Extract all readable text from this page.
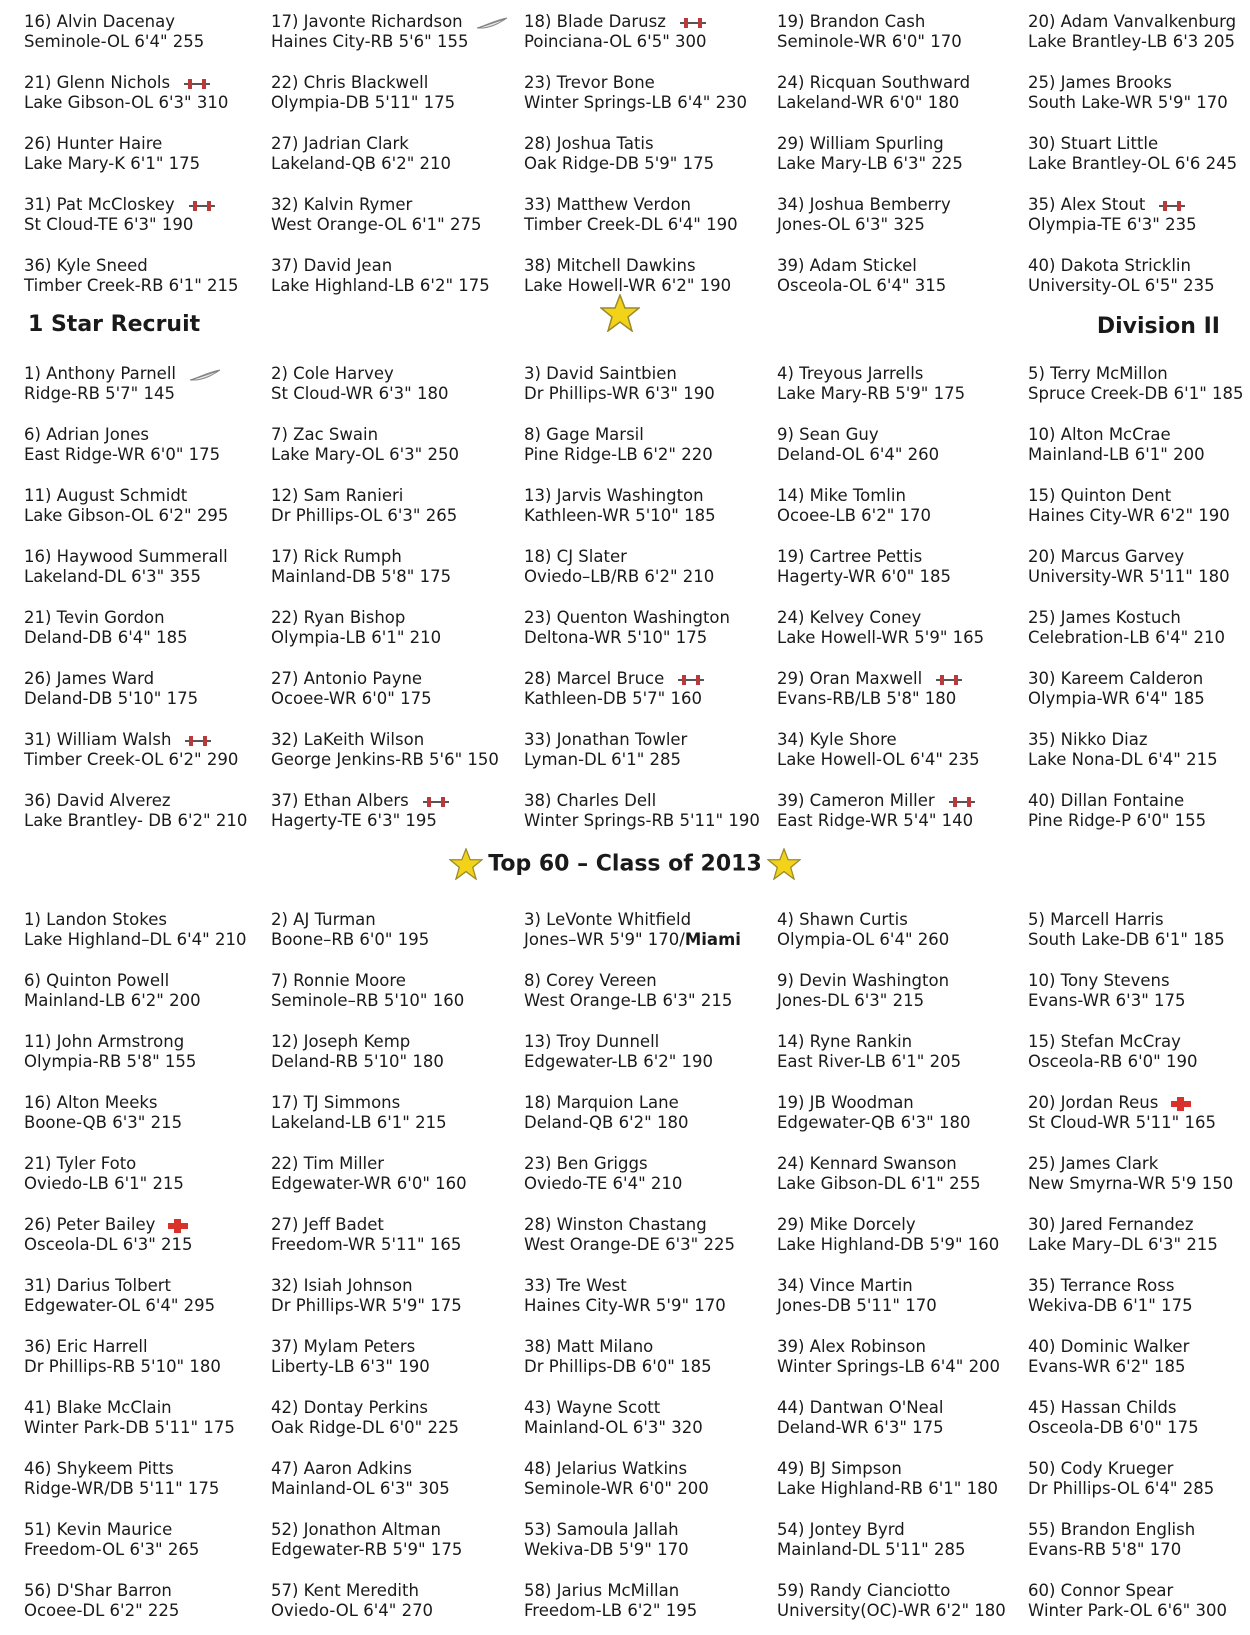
16) Alvin Dacenay
Seminole-OL 6'4" 255
17) Javonte Richardson
Haines City-RB 5'6" 155
18) Blade Darusz
Poinciana-OL 6'5" 300
19) Brandon Cash
Seminole-WR 6'0" 170
20) Adam Vanvalkenburg
Lake Brantley-LB 6'3 205
21) Glenn Nichols
Lake Gibson-OL 6'3" 310
22) Chris Blackwell
Olympia-DB 5'11" 175
23) Trevor Bone
Winter Springs-LB 6'4" 230
24) Ricquan Southward
Lakeland-WR 6'0" 180
25) James Brooks
South Lake-WR 5'9" 170
26) Hunter Haire
Lake Mary-K 6'1" 175
27) Jadrian Clark
Lakeland-QB 6'2" 210
28) Joshua Tatis
Oak Ridge-DB 5'9" 175
29) William Spurling
Lake Mary-LB 6'3" 225
30) Stuart Little
Lake Brantley-OL 6'6 245
31) Pat McCloskey
St Cloud-TE 6'3" 190
32) Kalvin Rymer
West Orange-OL 6'1" 275
33) Matthew Verdon
Timber Creek-DL 6'4" 190
34) Joshua Bemberry
Jones-OL 6'3" 325
35) Alex Stout
Olympia-TE 6'3" 235
36) Kyle Sneed
Timber Creek-RB 6'1" 215
37) David Jean
Lake Highland-LB 6'2" 175
38) Mitchell Dawkins
Lake Howell-WR 6'2" 190
39) Adam Stickel
Osceola-OL 6'4" 315
40) Dakota Stricklin
University-OL 6'5" 235
1 Star Recruit	Division II
1) Anthony Parnell
Ridge-RB 5'7" 145
2) Cole Harvey
St Cloud-WR 6'3" 180
3) David Saintbien
Dr Phillips-WR 6'3" 190
4) Treyous Jarrells
Lake Mary-RB 5'9" 175
5) Terry McMillon
Spruce Creek-DB 6'1" 185
6) Adrian Jones
East Ridge-WR 6'0" 175
7) Zac Swain
Lake Mary-OL 6'3" 250
8) Gage Marsil
Pine Ridge-LB 6'2" 220
9) Sean Guy
Deland-OL 6'4" 260
10) Alton McCrae
Mainland-LB 6'1" 200
11) August Schmidt
Lake Gibson-OL 6'2" 295
12) Sam Ranieri
Dr Phillips-OL 6'3" 265
13) Jarvis Washington
Kathleen-WR 5'10" 185
14) Mike Tomlin
Ocoee-LB 6'2" 170
15) Quinton Dent
Haines City-WR 6'2" 190
16) Haywood Summerall
Lakeland-DL 6'3" 355
17) Rick Rumph
Mainland-DB 5'8" 175
18) CJ Slater
Oviedo–LB/RB 6'2" 210
19) Cartree Pettis
Hagerty-WR 6'0" 185
20) Marcus Garvey
University-WR 5'11" 180
21) Tevin Gordon
Deland-DB 6'4" 185
22) Ryan Bishop
Olympia-LB 6'1" 210
23) Quenton Washington
Deltona-WR 5'10" 175
24) Kelvey Coney
Lake Howell-WR 5'9" 165
25) James Kostuch
Celebration-LB 6'4" 210
26) James Ward
Deland-DB 5'10" 175
27) Antonio Payne
Ocoee-WR 6'0" 175
28) Marcel Bruce
Kathleen-DB 5'7" 160
29) Oran Maxwell
Evans-RB/LB 5'8" 180
30) Kareem Calderon
Olympia-WR 6'4" 185
31) William Walsh
Timber Creek-OL 6'2" 290
32) LaKeith Wilson
George Jenkins-RB 5'6" 150
33) Jonathan Towler
Lyman-DL 6'1" 285
34) Kyle Shore
Lake Howell-OL 6'4" 235
35) Nikko Diaz
Lake Nona-DL 6'4" 215
36) David Alverez
Lake Brantley- DB 6'2" 210
37) Ethan Albers
Hagerty-TE 6'3" 195
38) Charles Dell
Winter Springs-RB 5'11" 190
39) Cameron Miller
East Ridge-WR 5'4" 140
40) Dillan Fontaine
Pine Ridge-P 6'0" 155
Top 60 – Class of 2013
1) Landon Stokes
Lake Highland–DL 6'4" 210
2) AJ Turman
Boone–RB 6'0" 195
3) LeVonte Whitfield
Jones–WR 5'9" 170/Miami
4) Shawn Curtis
Olympia-OL 6'4" 260
5) Marcell Harris
South Lake-DB 6'1" 185
6) Quinton Powell
Mainland-LB 6'2" 200
7) Ronnie Moore
Seminole–RB 5'10" 160
8) Corey Vereen
West Orange-LB 6'3" 215
9) Devin Washington
Jones-DL 6'3" 215
10) Tony Stevens
Evans-WR 6'3" 175
11) John Armstrong
Olympia-RB 5'8" 155
12) Joseph Kemp
Deland-RB 5'10" 180
13) Troy Dunnell
Edgewater-LB 6'2" 190
14) Ryne Rankin
East River-LB 6'1" 205
15) Stefan McCray
Osceola-RB 6'0" 190
16) Alton Meeks
Boone-QB 6'3" 215
17) TJ Simmons
Lakeland-LB 6'1" 215
18) Marquion Lane
Deland-QB 6'2" 180
19) JB Woodman
Edgewater-QB 6'3" 180
20) Jordan Reus
St Cloud-WR 5'11" 165
21) Tyler Foto
Oviedo-LB 6'1" 215
22) Tim Miller
Edgewater-WR 6'0" 160
23) Ben Griggs
Oviedo-TE 6'4" 210
24) Kennard Swanson
Lake Gibson-DL 6'1" 255
25) James Clark
New Smyrna-WR 5'9 150
26) Peter Bailey
Osceola-DL 6'3" 215
27) Jeff Badet
Freedom-WR 5'11" 165
28) Winston Chastang
West Orange-DE 6'3" 225
29) Mike Dorcely
Lake Highland-DB 5'9" 160
30) Jared Fernandez
Lake Mary–DL 6'3" 215
31) Darius Tolbert
Edgewater-OL 6'4" 295
32) Isiah Johnson
Dr Phillips-WR 5'9" 175
33) Tre West
Haines City-WR 5'9" 170
34) Vince Martin
Jones-DB 5'11" 170
35) Terrance Ross
Wekiva-DB 6'1" 175
36) Eric Harrell
Dr Phillips-RB 5'10" 180
37) Mylam Peters
Liberty-LB 6'3" 190
38) Matt Milano
Dr Phillips-DB 6'0" 185
39) Alex Robinson
Winter Springs-LB 6'4" 200
40) Dominic Walker
Evans-WR 6'2" 185
41) Blake McClain
Winter Park-DB 5'11" 175
42) Dontay Perkins
Oak Ridge-DL 6'0" 225
43) Wayne Scott
Mainland-OL 6'3" 320
44) Dantwan O'Neal
Deland-WR 6'3" 175
45) Hassan Childs
Osceola-DB 6'0" 175
46) Shykeem Pitts
Ridge-WR/DB 5'11" 175
47) Aaron Adkins
Mainland-OL 6'3" 305
48) Jelarius Watkins
Seminole-WR 6'0" 200
49) BJ Simpson
Lake Highland-RB 6'1" 180
50) Cody Krueger
Dr Phillips-OL 6'4" 285
51) Kevin Maurice
Freedom-OL 6'3" 265
52) Jonathon Altman
Edgewater-RB 5'9" 175
53) Samoula Jallah
Wekiva-DB 5'9" 170
54) Jontey Byrd
Mainland-DL 5'11" 285
55) Brandon English
Evans-RB 5'8" 170
56) D'Shar Barron
Ocoee-DL 6'2" 225
57) Kent Meredith
Oviedo-OL 6'4" 270
58) Jarius McMillan
Freedom-LB 6'2" 195
59) Randy Cianciotto
University(OC)-WR 6'2" 180
60) Connor Spear
Winter Park-OL 6'6" 300
